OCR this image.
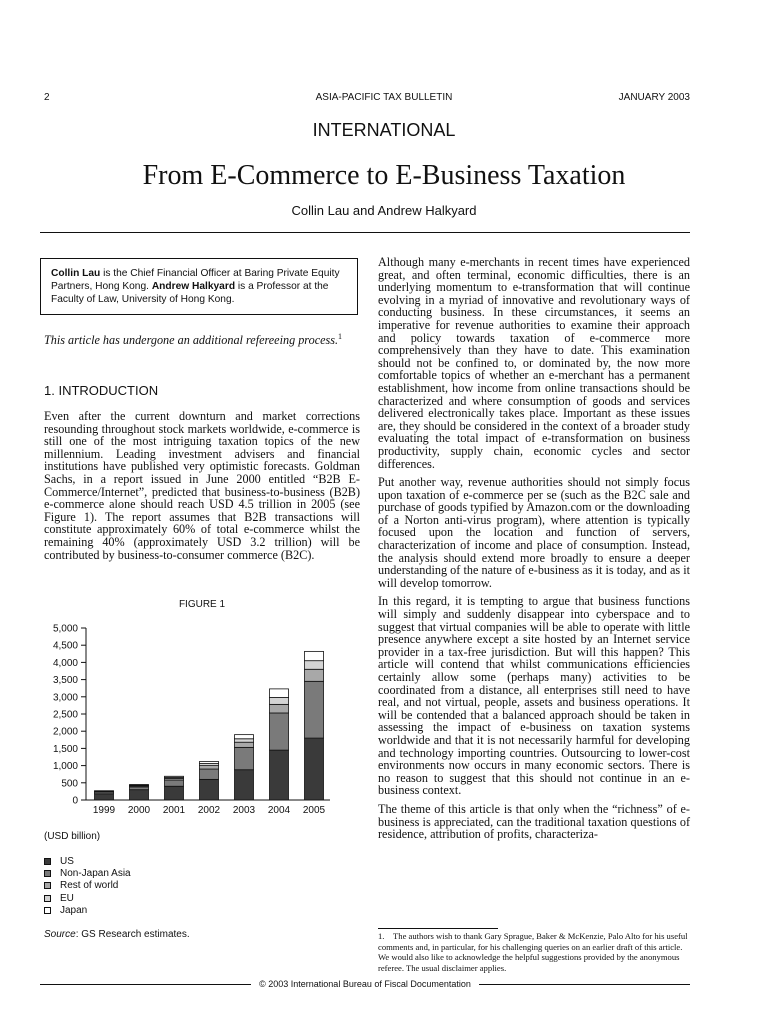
2	ASIA-PACIFIC TAX BULLETIN	JANUARY 2003
INTERNATIONAL
From E-Commerce to E-Business Taxation
Collin Lau and Andrew Halkyard
Collin Lau is the Chief Financial Officer at Baring Private Equity Partners, Hong Kong. Andrew Halkyard is a Professor at the Faculty of Law, University of Hong Kong.
This article has undergone an additional refereeing process.$^1$
1. INTRODUCTION

Even after the current downturn and market corrections resounding throughout stock markets worldwide, e-commerce is still one of the most intriguing taxation topics of the new millennium. Leading investment advisers and financial institutions have published very optimistic forecasts. Goldman Sachs, in a report issued in June 2000 entitled “B2B E-Commerce/Internet”, predicted that business-to-business (B2B) e-commerce alone should reach USD 4.5 trillion in 2005 (see Figure 1). The report assumes that B2B transactions will constitute approximately 60% of total e-commerce whilst the remaining 40% (approximately USD 3.2 trillion) will be contributed by business-to-consumer commerce (B2C).

FIGURE 1
0
500
1,000
1,500
2,000
2,500
3,000
3,500
4,000
4,500
5,000
1999 2000 2001 2002 2003 2004 2005
(USD billion)
US
Non-Japan Asia
Rest of world
EU
Japan
Source: GS Research estimates.

Although many e-merchants in recent times have experienced great, and often terminal, economic difficulties, there is an underlying momentum to e-transformation that will continue evolving in a myriad of innovative and revolutionary ways of conducting business. In these circumstances, it seems an imperative for revenue authorities to examine their approach and policy towards taxation of e-commerce more comprehensively than they have to date. This examination should not be confined to, or dominated by, the now more comfortable topics of whether an e-merchant has a permanent establishment, how income from online transactions should be characterized and where consumption of goods and services delivered electronically takes place. Important as these issues are, they should be considered in the context of a broader study evaluating the total impact of e-transformation on business productivity, supply chain, economic cycles and sector differences.

Put another way, revenue authorities should not simply focus upon taxation of e-commerce per se (such as the B2C sale and purchase of goods typified by Amazon.com or the downloading of a Norton anti-virus program), where attention is typically focused upon the location and function of servers, characterization of income and place of consumption. Instead, the analysis should extend more broadly to ensure a deeper understanding of the nature of e-business as it is today, and as it will develop tomorrow.

In this regard, it is tempting to argue that business functions will simply and suddenly disappear into cyberspace and to suggest that virtual companies will be able to operate with little presence anywhere except a site hosted by an Internet service provider in a tax-free jurisdiction. But will this happen? This article will contend that whilst communications efficiencies certainly allow some (perhaps many) activities to be coordinated from a distance, all enterprises still need to have real, and not virtual, people, assets and business operations. It will be contended that a balanced approach should be taken in assessing the impact of e-business on taxation systems worldwide and that it is not necessarily harmful for developing and technology importing countries. Outsourcing to lower-cost environments now occurs in many economic sectors. There is no reason to suggest that this should not continue in an e-business context.

The theme of this article is that only when the “richness” of e-business is appreciated, can the traditional taxation questions of residence, attribution of profits, characteriza-

1. The authors wish to thank Gary Sprague, Baker & McKenzie, Palo Alto for his useful comments and, in particular, for his challenging queries on an earlier draft of this article. We would also like to acknowledge the helpful suggestions provided by the anonymous referee. The usual disclaimer applies.
© 2003 International Bureau of Fiscal Documentation
